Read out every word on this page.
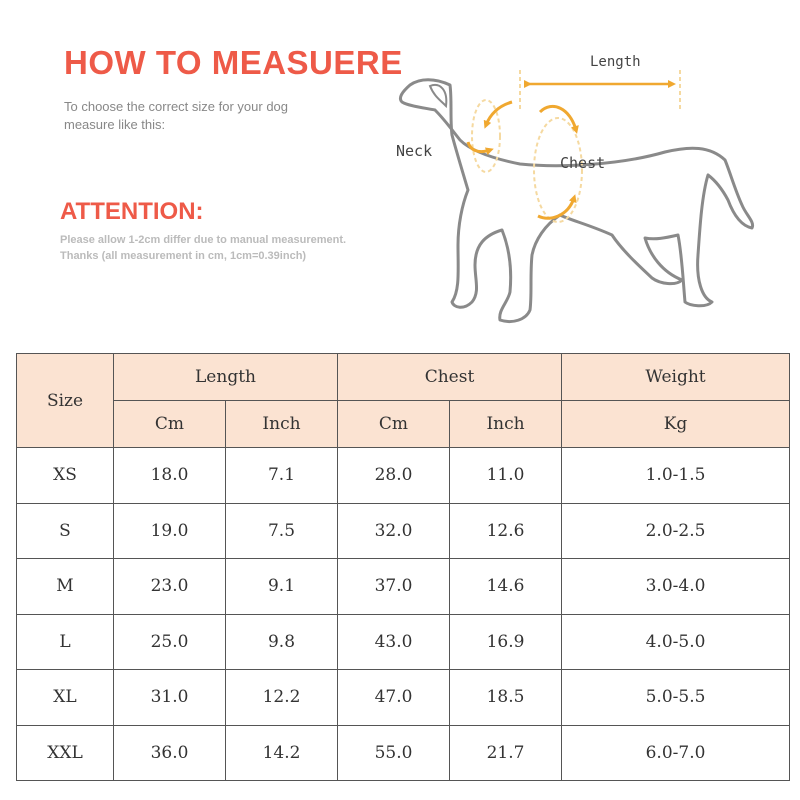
HOW TO MEASUERE
To choose the correct size for your dog
measure like this:
ATTENTION:
Please allow 1-2cm differ due to manual measurement.
Thanks (all measurement in cm, 1cm=0.39inch)
Length
Neck
Chest
Size	Length		Chest		Weight
	Cm	Inch	Cm	Inch	Kg
XS	18.0	7.1	28.0	11.0	1.0-1.5
S	19.0	7.5	32.0	12.6	2.0-2.5
M	23.0	9.1	37.0	14.6	3.0-4.0
L	25.0	9.8	43.0	16.9	4.0-5.0
XL	31.0	12.2	47.0	18.5	5.0-5.5
XXL	36.0	14.2	55.0	21.7	6.0-7.0
